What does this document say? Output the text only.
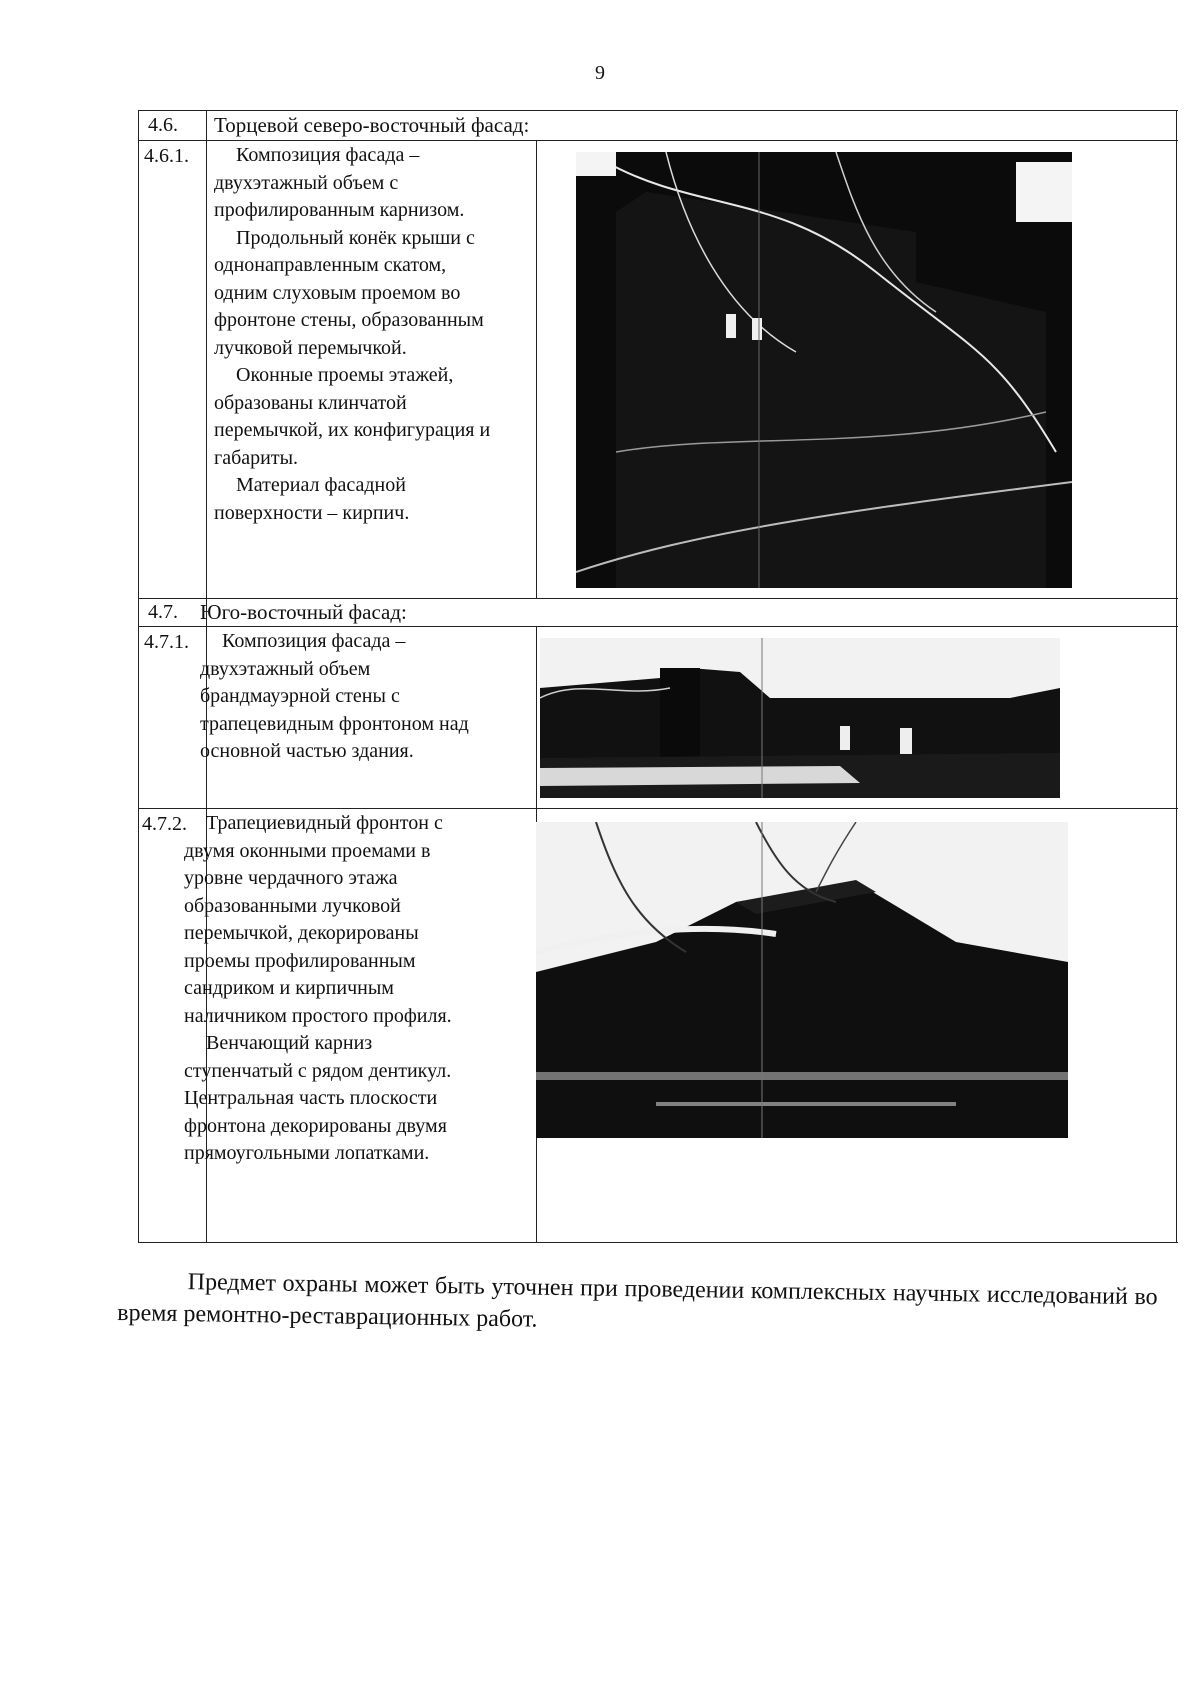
9
4.6. Торцевой северо-восточный фасад:
4.6.1.	Композиция фасада –

двухэтажный объем с

профилированным карнизом.

Продольный конёк крыши с

однонаправленным скатом,

одним слуховым проемом во

фронтоне стены, образованным

лучковой перемычкой.

Оконные проемы этажей,

образованы клинчатой

перемычкой, их конфигурация и

габариты.

Материал фасадной

поверхности – кирпич.

4.7. Юго-восточный фасад:
4.7.1.	Композиция фасада –

двухэтажный объем

брандмауэрной стены с

трапецевидным фронтоном над

основной частью здания.

4.7.2. Трапециевидный фронтон с

двумя оконными проемами в

уровне чердачного этажа

образованными лучковой

перемычкой, декорированы

проемы профилированным

сандриком и кирпичным

наличником простого профиля.

Венчающий карниз

ступенчатый с рядом дентикул.

Центральная часть плоскости

фронтона декорированы двумя

прямоугольными лопатками.

Предмет охраны может быть уточнен при проведении комплексных научных исследований во время ремонтно-реставрационных работ.
